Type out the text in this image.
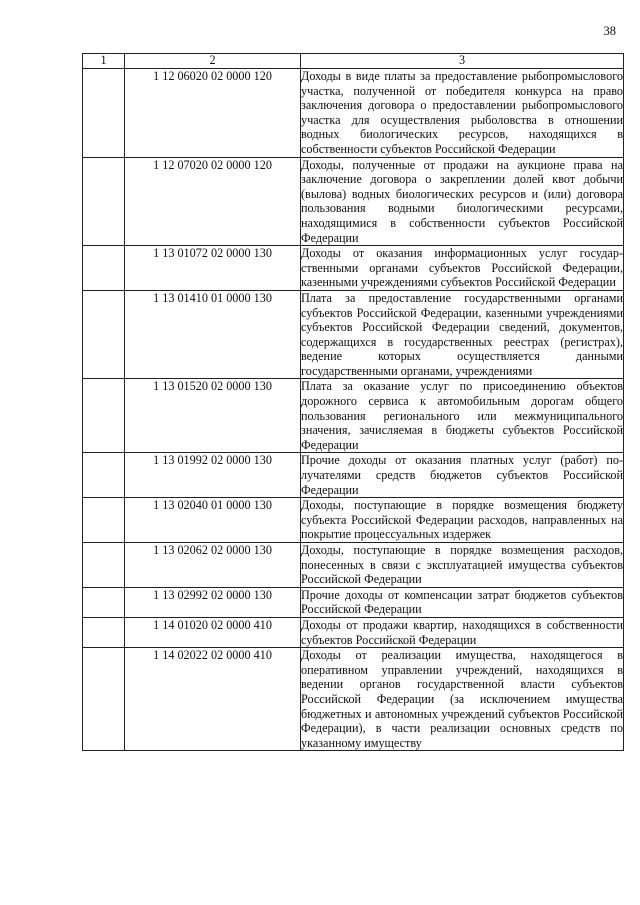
38
1	2	3
	1 12 06020 02 0000 120	Доходы в виде платы за предоставление рыбопромыслового участка, полученной от победителя конкурса на право заключения договора о предоставлении рыбопромыслового участка для осуществления рыболовства в отношении водных биологических ресурсов, находящихся в собственности субъектов Российской Федерации
	1 12 07020 02 0000 120	Доходы, полученные от продажи на аукционе права на заключение договора о закреплении долей квот добычи (вылова) водных биологических ресурсов и (или) договора пользования водными биологическими ресурсами, находящимися в собственности субъектов Российской Федерации
	1 13 01072 02 0000 130	Доходы от оказания информационных услуг государственными органами субъектов Российской Федерации, казенными учреждениями субъектов Российской Федерации
	1 13 01410 01 0000 130	Плата за предоставление государственными органами субъектов Российской Федерации, казенными учреждениями субъектов Российской Федерации сведений, документов, содержащихся в государственных реестрах (регистрах), ведение которых осуществляется данными государственными органами, учреждениями
	1 13 01520 02 0000 130	Плата за оказание услуг по присоединению объектов дорожного сервиса к автомобильным дорогам общего пользования регионального или межмуниципального значения, зачисляемая в бюджеты субъектов Российской Федерации
	1 13 01992 02 0000 130	Прочие доходы от оказания платных услуг (работ) получателями средств бюджетов субъектов Российской Федерации
	1 13 02040 01 0000 130	Доходы, поступающие в порядке возмещения бюджету субъекта Российской Федерации расходов, направленных на покрытие процессуальных издержек
	1 13 02062 02 0000 130	Доходы, поступающие в порядке возмещения расходов, понесенных в связи с эксплуатацией имущества субъектов Российской Федерации
	1 13 02992 02 0000 130	Прочие доходы от компенсации затрат бюджетов субъектов Российской Федерации
	1 14 01020 02 0000 410	Доходы от продажи квартир, находящихся в собственности субъектов Российской Федерации
	1 14 02022 02 0000 410	Доходы от реализации имущества, находящегося в оперативном управлении учреждений, находящихся в ведении органов государственной власти субъектов Российской Федерации (за исключением имущества бюджетных и автономных учреждений субъектов Российской Федерации), в части реализации основных средств по указанному имуществу
